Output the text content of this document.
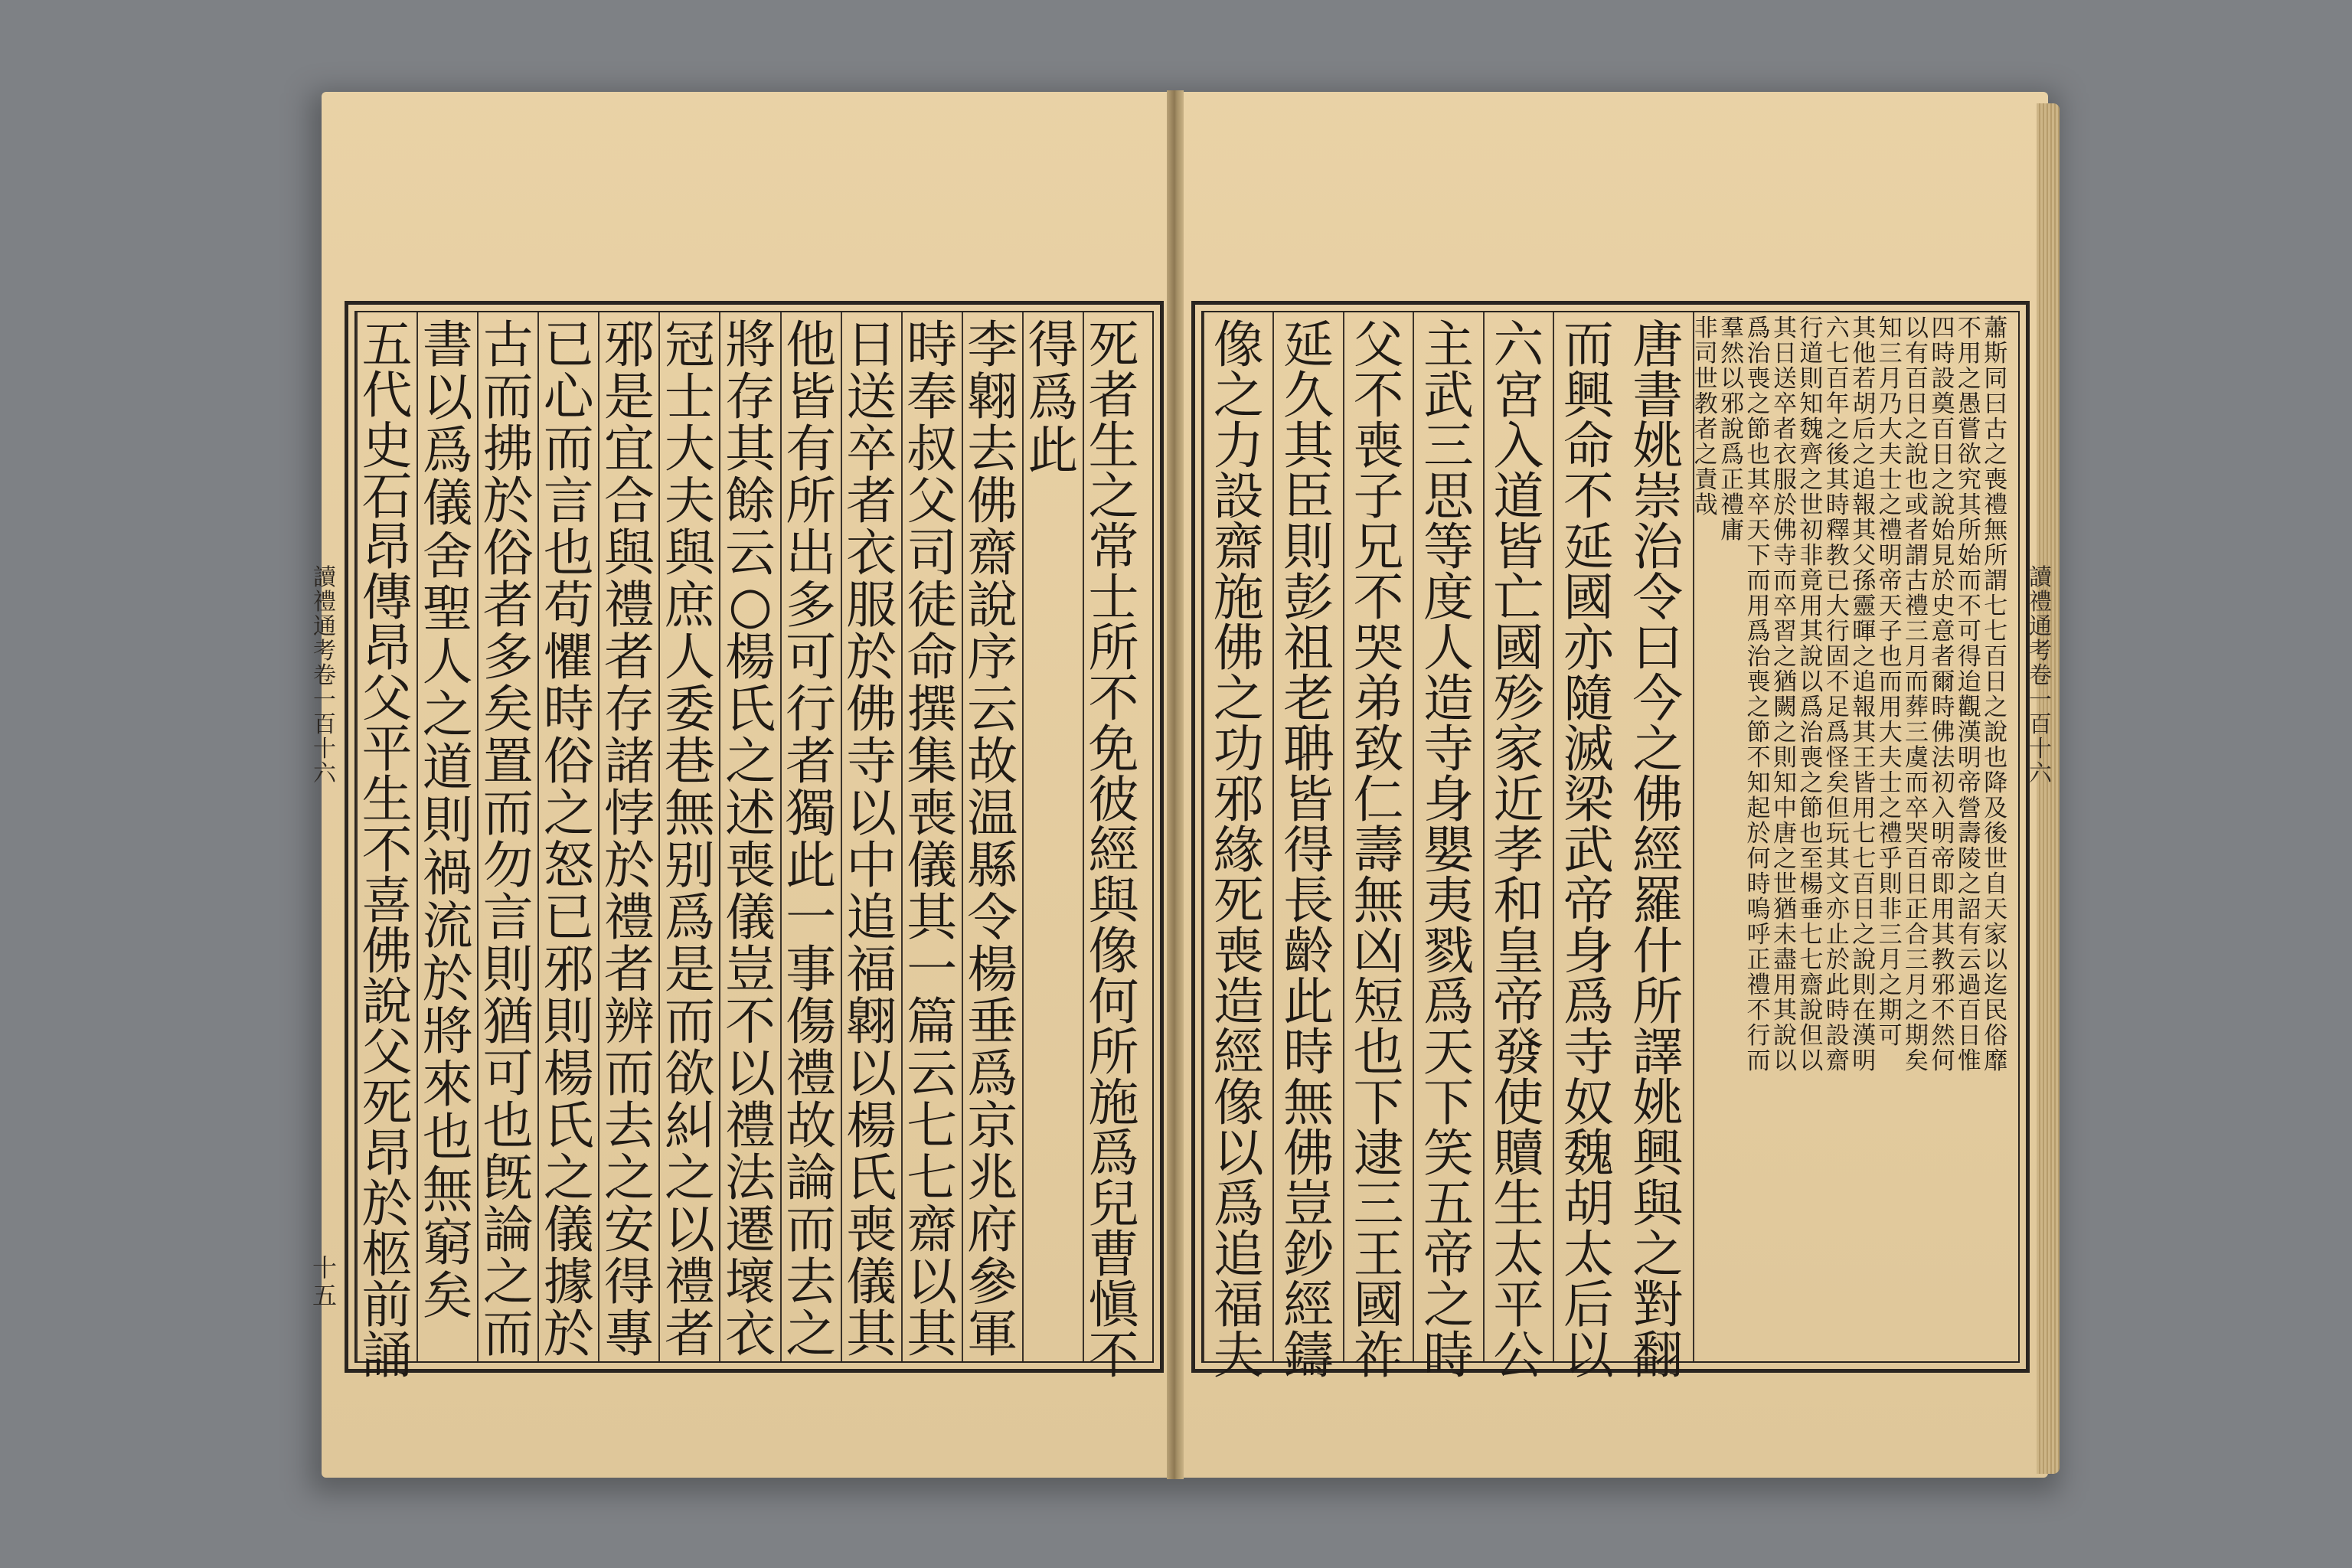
死
者
生
之
常
士
所
不
免
彼
經
與
像
何
所
施
爲
兒
曹
愼
不
得
爲
此
李
翺
去
佛
齋
說
序
云
故
温
縣
令
楊
垂
爲
京
兆
府
參
軍
時
奉
叔
父
司
徒
命
撰
集
喪
儀
其
一
篇
云
七
七
齋
以
其
日
送
卒
者
衣
服
於
佛
寺
以
中
追
福
翺
以
楊
氏
喪
儀
其
他
皆
有
所
出
多
可
行
者
獨
此
一
事
傷
禮
故
論
而
去
之
將
存
其
餘
云
○
楊
氏
之
述
喪
儀
豈
不
以
禮
法
遷
壞
衣
冠
士
大
夫
與
庶
人
委
巷
無
别
爲
是
而
欲
糾
之
以
禮
者
邪
是
宜
合
與
禮
者
存
諸
悖
於
禮
者
辨
而
去
之
安
得
專
已
心
而
言
也
苟
懼
時
俗
之
怒
已
邪
則
楊
氏
之
儀
據
於
古
而
拂
於
俗
者
多
矣
置
而
勿
言
則
猶
可
也
旣
論
之
而
書
以
爲
儀
舍
聖
人
之
道
則
禍
流
於
將
來
也
無
窮
矣
五
代
史
石
昂
傳
昂
父
平
生
不
喜
佛
說
父
死
昂
於
柩
前
誦
讀
禮
通
考
卷
一
百
十
六
十
五
唐
書
姚
崇
治
令
曰
今
之
佛
經
羅
什
所
譯
姚
興
與
之
對
翻
而
興
命
不
延
國
亦
隨
滅
梁
武
帝
身
爲
寺
奴
魏
胡
太
后
以
六
宮
入
道
皆
亡
國
殄
家
近
孝
和
皇
帝
發
使
贖
生
太
平
公
主
武
三
思
等
度
人
造
寺
身
嬰
夷
戮
爲
天
下
笑
五
帝
之
時
父
不
喪
子
兄
不
哭
弟
致
仁
壽
無
凶
短
也
下
逮
三
王
國
祚
延
久
其
臣
則
彭
祖
老
聃
皆
得
長
齡
此
時
無
佛
豈
鈔
經
鑄
像
之
力
設
齋
施
佛
之
功
邪
緣
死
喪
造
經
像
以
爲
追
福
夫
蕭
斯
同
曰
古
之
喪
禮
無
所
謂
七
七
百
日
之
說
也
降
及
後
世
自
天
家
以
迄
民
俗
靡
不
用
之
愚
嘗
欲
究
其
所
始
而
不
可
得
迨
觀
漢
明
帝
營
壽
陵
之
詔
有
云
過
百
日
惟
四
時
設
奠
百
日
之
說
始
見
於
史
意
者
爾
時
佛
法
初
入
明
帝
即
用
其
教
邪
不
然
何
以
有
百
日
之
說
也
或
者
謂
古
禮
三
月
而
葬
三
虞
而
卒
哭
百
日
正
合
三
月
之
期
矣
知
三
月
乃
大
夫
士
之
禮
明
帝
天
子
也
而
用
大
夫
士
之
禮
乎
則
非
三
月
之
期
可
其
他
若
胡
后
之
追
報
其
父
孫
靈
暉
之
追
報
其
王
皆
用
七
七
百
日
之
說
則
在
漢
明
六
七
百
年
之
後
其
時
釋
教
已
大
行
固
不
足
爲
怪
矣
但
玩
其
文
亦
止
於
此
時
設
齋
行
道
則
知
魏
齊
之
世
初
非
竟
用
其
說
以
爲
治
喪
之
節
也
至
楊
垂
七
七
齋
說
但
以
其
日
送
卒
者
衣
服
於
佛
寺
而
卒
習
之
猶
闕
之
則
知
中
唐
之
世
猶
未
盡
用
其
說
以
爲
治
喪
之
節
也
其
卒
天
下
而
用
爲
治
喪
之
節
不
知
起
於
何
時
嗚
呼
正
禮
不
行
而
羣
然
以
邪
說
爲
正
禮
庸
非
司
世
教
者
之
責
哉
讀
禮
通
考
卷
一
百
十
六
